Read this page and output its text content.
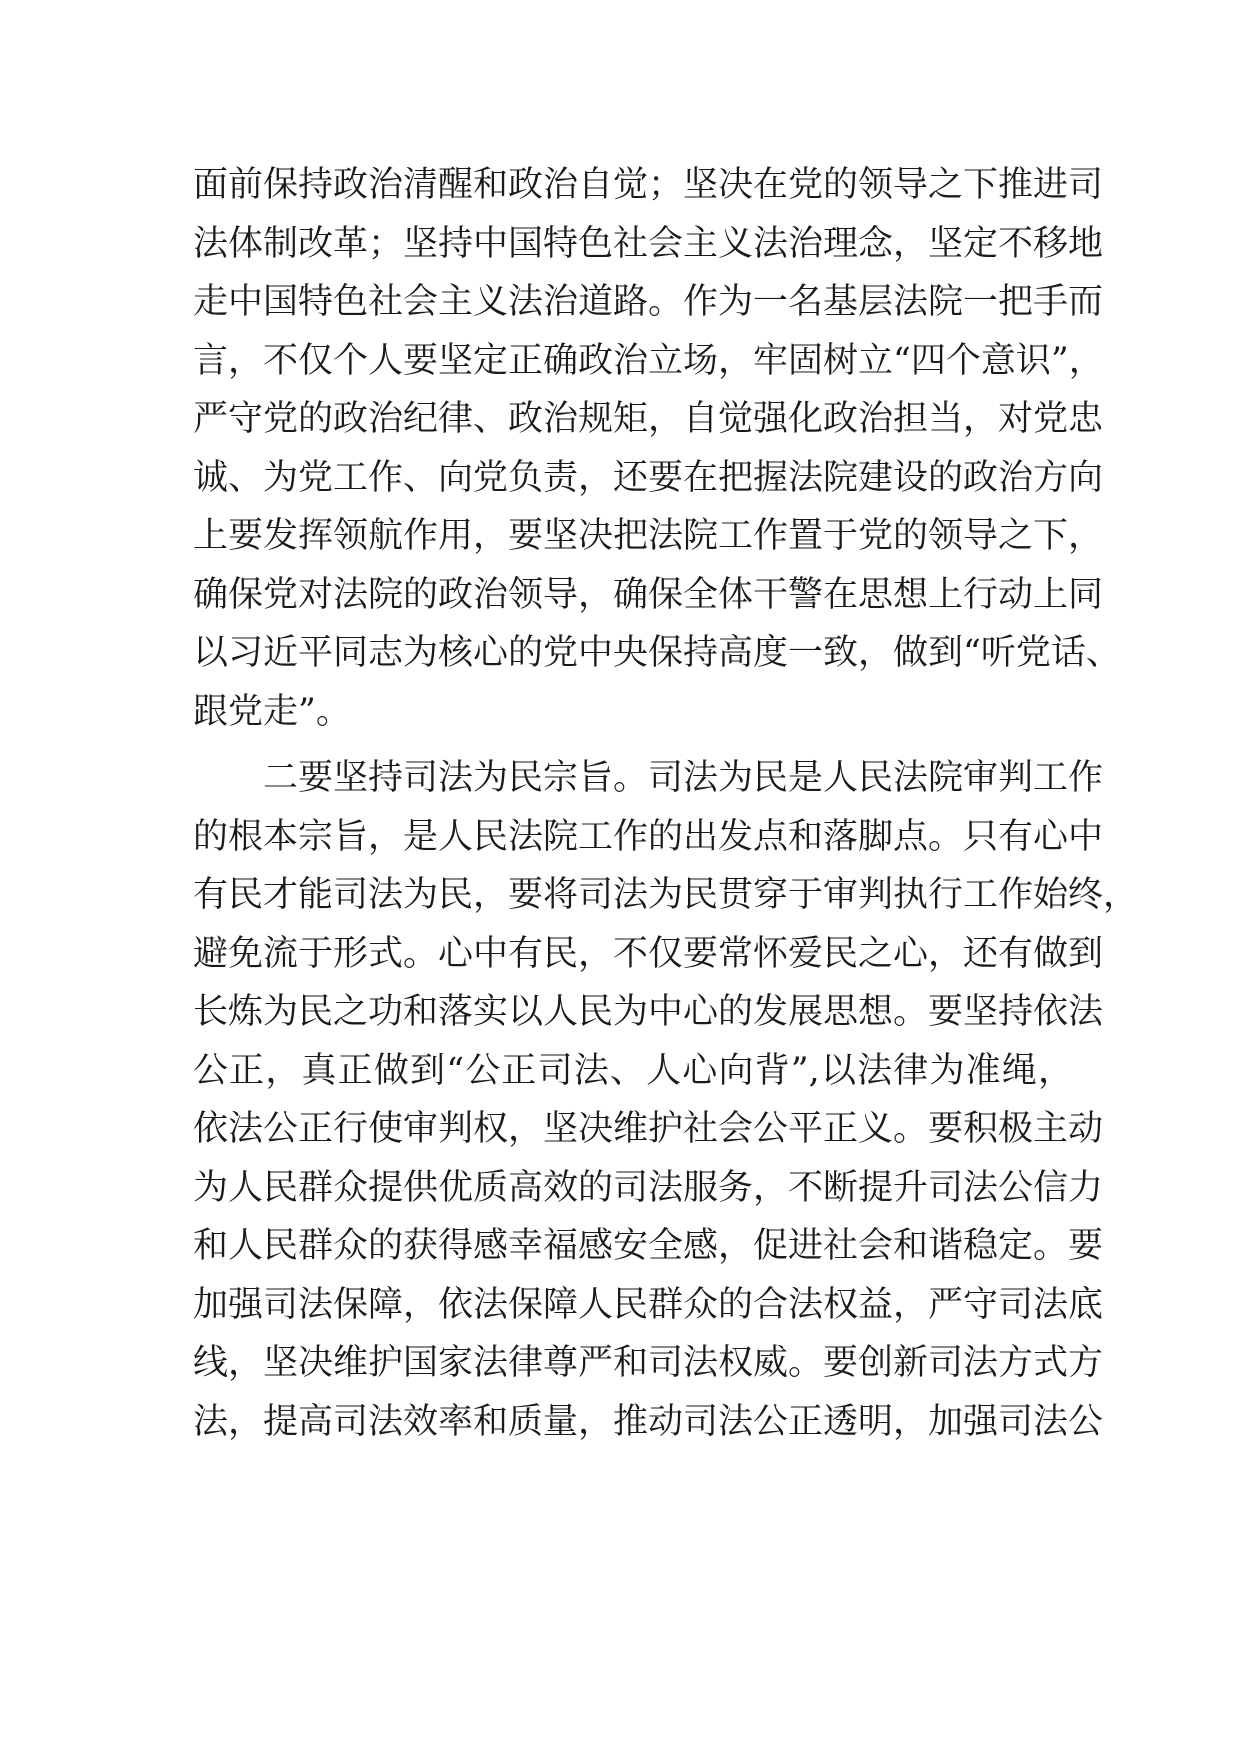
面前保持政治清醒和政治自觉；坚决在党的领导之下推进司
法体制改革；坚持中国特色社会主义法治理念，坚定不移地
走中国特色社会主义法治道路。作为一名基层法院一把手而
言，不仅个人要坚定正确政治立场，牢固树立“四个意识”，
严守党的政治纪律、政治规矩，自觉强化政治担当，对党忠
诚、为党工作、向党负责，还要在把握法院建设的政治方向
上要发挥领航作用，要坚决把法院工作置于党的领导之下，
确保党对法院的政治领导，确保全体干警在思想上行动上同
以习近平同志为核心的党中央保持高度一致，做到“听党话、
跟党走”。

二要坚持司法为民宗旨。司法为民是人民法院审判工作
的根本宗旨，是人民法院工作的出发点和落脚点。只有心中
有民才能司法为民，要将司法为民贯穿于审判执行工作始终，
避免流于形式。心中有民，不仅要常怀爱民之心，还有做到
长炼为民之功和落实以人民为中心的发展思想。要坚持依法
公正，真正做到“公正司法、人心向背”,以法律为准绳，
依法公正行使审判权，坚决维护社会公平正义。要积极主动
为人民群众提供优质高效的司法服务，不断提升司法公信力
和人民群众的获得感幸福感安全感，促进社会和谐稳定。要
加强司法保障，依法保障人民群众的合法权益，严守司法底
线，坚决维护国家法律尊严和司法权威。要创新司法方式方
法，提高司法效率和质量，推动司法公正透明，加强司法公
